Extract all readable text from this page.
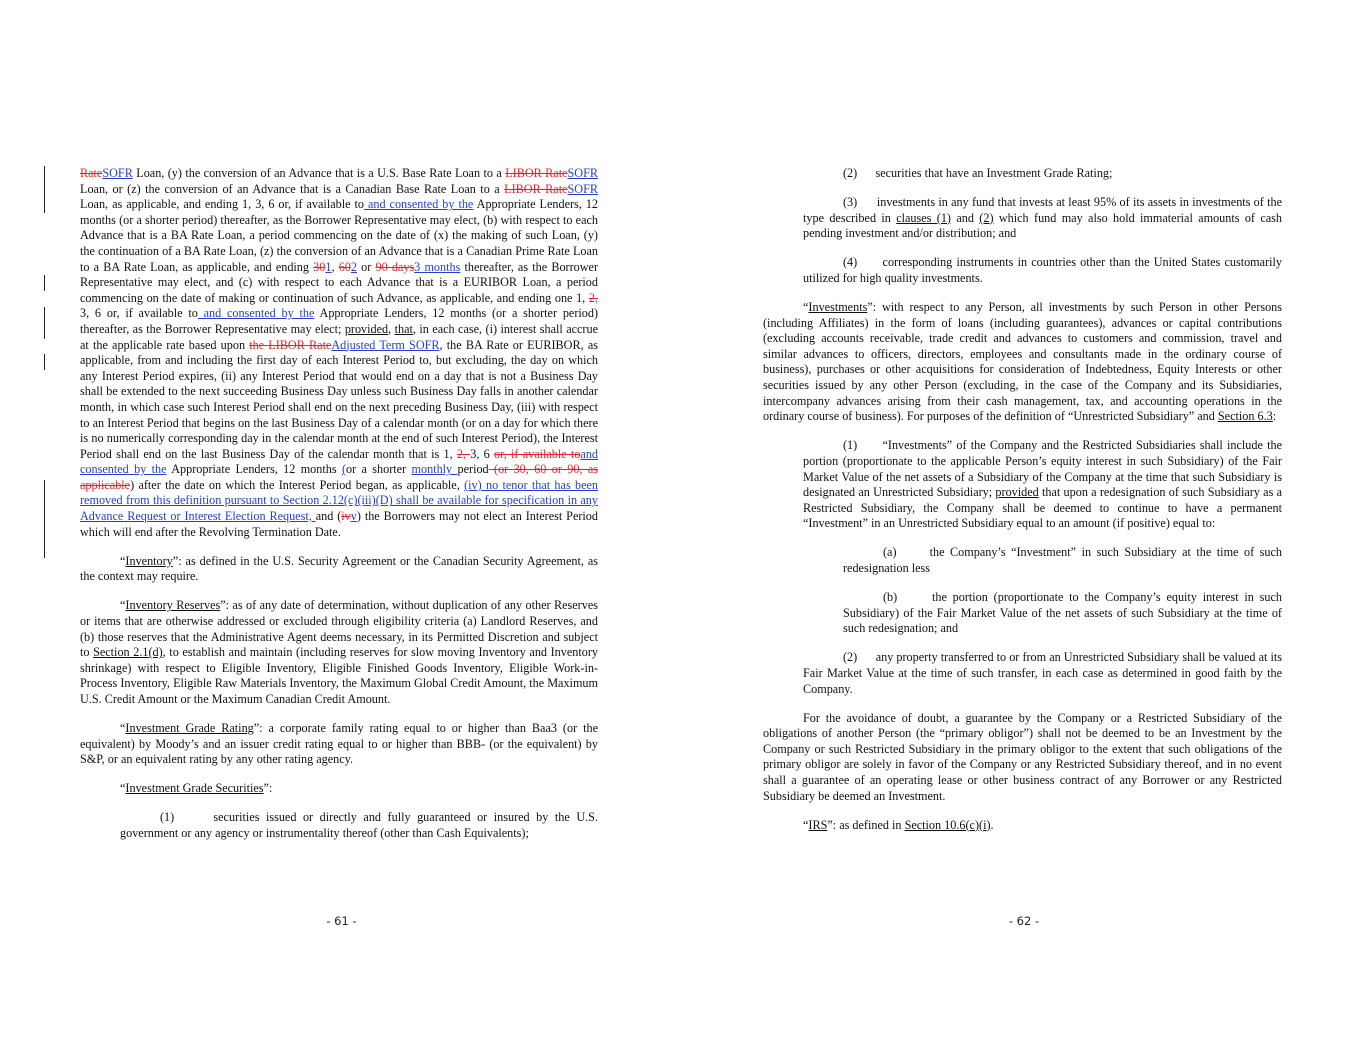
RateSOFR Loan, (y) the conversion of an Advance that is a U.S. Base Rate Loan to a LIBOR RateSOFR Loan, or (z) the conversion of an Advance that is a Canadian Base Rate Loan to a LIBOR RateSOFR Loan, as applicable, and ending 1, 3, 6 or, if available to and consented by the Appropriate Lenders, 12 months (or a shorter period) thereafter, as the Borrower Representative may elect, (b) with respect to each Advance that is a BA Rate Loan, a period commencing on the date of (x) the making of such Loan, (y) the continuation of a BA Rate Loan, (z) the conversion of an Advance that is a Canadian Prime Rate Loan to a BA Rate Loan, as applicable, and ending 301, 602 or 90 days3 months thereafter, as the Borrower Representative may elect, and (c) with respect to each Advance that is a EURIBOR Loan, a period commencing on the date of making or continuation of such Advance, as applicable, and ending one 1, 2, 3, 6 or, if available to and consented by the Appropriate Lenders, 12 months (or a shorter period) thereafter, as the Borrower Representative may elect; provided, that, in each case, (i) interest shall accrue at the applicable rate based upon the LIBOR RateAdjusted Term SOFR, the BA Rate or EURIBOR, as applicable, from and including the first day of each Interest Period to, but excluding, the day on which any Interest Period expires, (ii) any Interest Period that would end on a day that is not a Business Day shall be extended to the next succeeding Business Day unless such Business Day falls in another calendar month, in which case such Interest Period shall end on the next preceding Business Day, (iii) with respect to an Interest Period that begins on the last Business Day of a calendar month (or on a day for which there is no numerically corresponding day in the calendar month at the end of such Interest Period), the Interest Period shall end on the last Business Day of the calendar month that is 1, 2, 3, 6 or, if available toand consented by the Appropriate Lenders, 12 months (or a shorter monthly period (or 30, 60 or 90, as applicable) after the date on which the Interest Period began, as applicable, (iv) no tenor that has been removed from this definition pursuant to Section 2.12(c)(iii)(D) shall be available for specification in any Advance Request or Interest Election Request, and (ivv) the Borrowers may not elect an Interest Period which will end after the Revolving Termination Date.

“Inventory”: as defined in the U.S. Security Agreement or the Canadian Security Agreement, as the context may require.

“Inventory Reserves”: as of any date of determination, without duplication of any other Reserves or items that are otherwise addressed or excluded through eligibility criteria (a) Landlord Reserves, and (b) those reserves that the Administrative Agent deems necessary, in its Permitted Discretion and subject to Section 2.1(d), to establish and maintain (including reserves for slow moving Inventory and Inventory shrinkage) with respect to Eligible Inventory, Eligible Finished Goods Inventory, Eligible Work-in-Process Inventory, Eligible Raw Materials Inventory, the Maximum Global Credit Amount, the Maximum U.S. Credit Amount or the Maximum Canadian Credit Amount.

“Investment Grade Rating”: a corporate family rating equal to or higher than Baa3 (or the equivalent) by Moody’s and an issuer credit rating equal to or higher than BBB- (or the equivalent) by S&P, or an equivalent rating by any other rating agency.

“Investment Grade Securities”:

(1)      securities issued or directly and fully guaranteed or insured by the U.S. government or any agency or instrumentality thereof (other than Cash Equivalents);

- 61 -

(2)      securities that have an Investment Grade Rating;

(3)      investments in any fund that invests at least 95% of its assets in investments of the type described in clauses (1) and (2) which fund may also hold immaterial amounts of cash pending investment and/or distribution; and

(4)      corresponding instruments in countries other than the United States customarily utilized for high quality investments.

“Investments”: with respect to any Person, all investments by such Person in other Persons (including Affiliates) in the form of loans (including guarantees), advances or capital contributions (excluding accounts receivable, trade credit and advances to customers and commission, travel and similar advances to officers, directors, employees and consultants made in the ordinary course of business), purchases or other acquisitions for consideration of Indebtedness, Equity Interests or other securities issued by any other Person (excluding, in the case of the Company and its Subsidiaries, intercompany advances arising from their cash management, tax, and accounting operations in the ordinary course of business). For purposes of the definition of “Unrestricted Subsidiary” and Section 6.3:

(1)      “Investments” of the Company and the Restricted Subsidiaries shall include the portion (proportionate to the applicable Person’s equity interest in such Subsidiary) of the Fair Market Value of the net assets of a Subsidiary of the Company at the time that such Subsidiary is designated an Unrestricted Subsidiary; provided that upon a redesignation of such Subsidiary as a Restricted Subsidiary, the Company shall be deemed to continue to have a permanent “Investment” in an Unrestricted Subsidiary equal to an amount (if positive) equal to:

(a)      the Company’s “Investment” in such Subsidiary at the time of such redesignation less

(b)      the portion (proportionate to the Company’s equity interest in such Subsidiary) of the Fair Market Value of the net assets of such Subsidiary at the time of such redesignation; and

(2)      any property transferred to or from an Unrestricted Subsidiary shall be valued at its Fair Market Value at the time of such transfer, in each case as determined in good faith by the Company.

For the avoidance of doubt, a guarantee by the Company or a Restricted Subsidiary of the obligations of another Person (the “primary obligor”) shall not be deemed to be an Investment by the Company or such Restricted Subsidiary in the primary obligor to the extent that such obligations of the primary obligor are solely in favor of the Company or any Restricted Subsidiary thereof, and in no event shall a guarantee of an operating lease or other business contract of any Borrower or any Restricted Subsidiary be deemed an Investment.

“IRS”: as defined in Section 10.6(c)(i).

- 62 -
